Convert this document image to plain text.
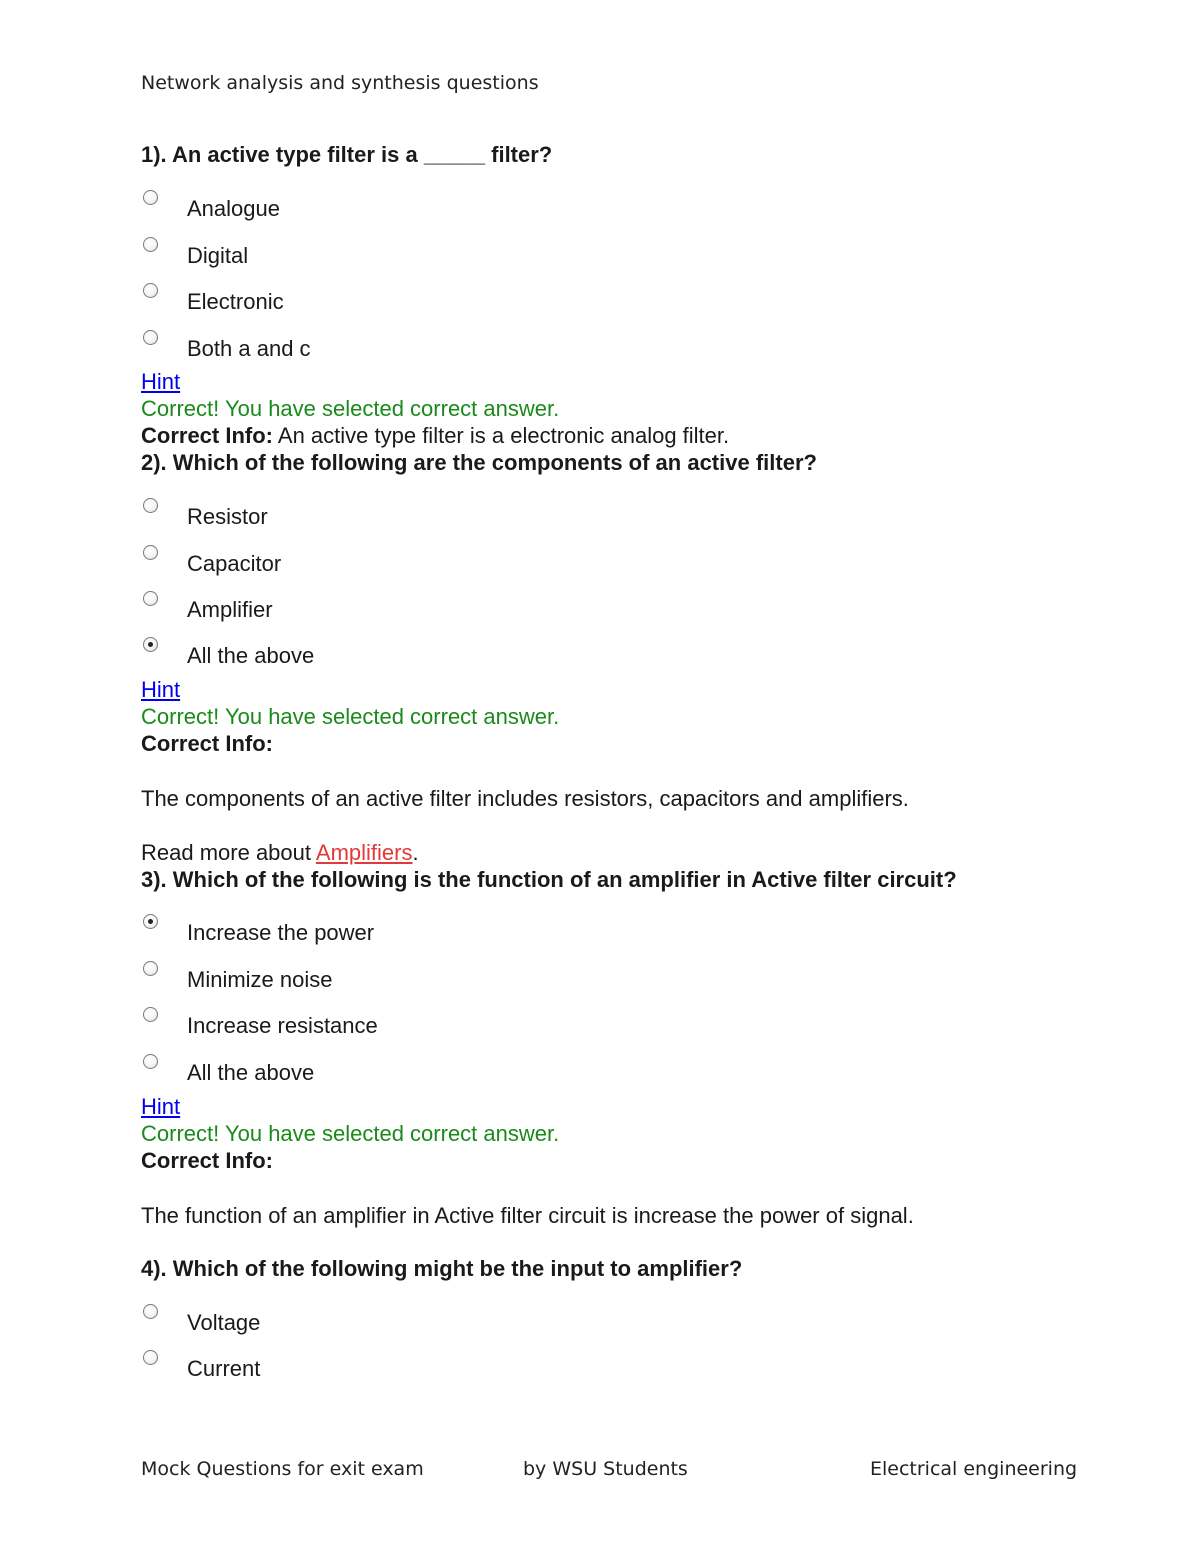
Network analysis and synthesis questions
1). An active type filter is a _____ filter?
Analogue
Digital
Electronic
Both a and c
Hint
Correct! You have selected correct answer.
Correct Info: An active type filter is a electronic analog filter.
2). Which of the following are the components of an active filter?
Resistor
Capacitor
Amplifier
All the above
Hint
Correct! You have selected correct answer.
Correct Info:
The components of an active filter includes resistors, capacitors and amplifiers.
Read more about Amplifiers.
3). Which of the following is the function of an amplifier in Active filter circuit?
Increase the power
Minimize noise
Increase resistance
All the above
Hint
Correct! You have selected correct answer.
Correct Info:
The function of an amplifier in Active filter circuit is increase the power of signal.
4). Which of the following might be the input to amplifier?
Voltage
Current
Mock Questions for exit exam	by WSU Students	Electrical engineering
